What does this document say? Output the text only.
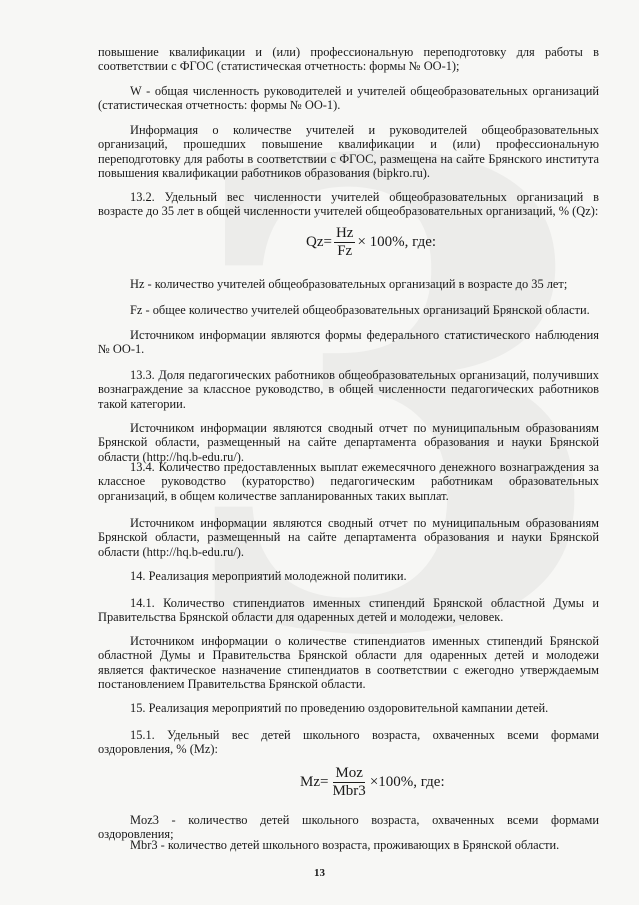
повышение квалификации и (или) профессиональную переподготовку для работы в соответствии с ФГОС (статистическая отчетность: формы № ОО-1);

W - общая численность руководителей и учителей общеобразовательных организаций (статистическая отчетность: формы № ОО-1).

Информация о количестве учителей и руководителей общеобразовательных организаций, прошедших повышение квалификации и (или) профессиональную переподготовку для работы в соответствии с ФГОС, размещена на сайте Брянского института повышения квалификации работников образования (bipkro.ru).

13.2. Удельный вес численности учителей общеобразовательных организаций в возрасте до 35 лет в общей численности учителей общеобразовательных организаций, % (Qz):

$Qz= \frac{Hz}{Fz} \times 100\%$, где:

Hz - количество учителей общеобразовательных организаций в возрасте до 35 лет;

Fz - общее количество учителей общеобразовательных организаций Брянской области.

Источником информации являются формы федерального статистического наблюдения № ОО-1.

13.3. Доля педагогических работников общеобразовательных организаций, получивших вознаграждение за классное руководство, в общей численности педагогических работников такой категории.

Источником информации являются сводный отчет по муниципальным образованиям Брянской области, размещенный на сайте департамента образования и науки Брянской области (http://hq.b-edu.ru/).

13.4. Количество предоставленных выплат ежемесячного денежного вознаграждения за классное руководство (кураторство) педагогическим работникам образовательных организаций, в общем количестве запланированных таких выплат.

Источником информации являются сводный отчет по муниципальным образованиям Брянской области, размещенный на сайте департамента образования и науки Брянской области (http://hq.b-edu.ru/).

14. Реализация мероприятий молодежной политики.

14.1. Количество стипендиатов именных стипендий Брянской областной Думы и Правительства Брянской области для одаренных детей и молодежи, человек.

Источником информации о количестве стипендиатов именных стипендий Брянской областной Думы и Правительства Брянской области для одаренных детей и молодежи является фактическое назначение стипендиатов в соответствии с ежегодно утверждаемым постановлением Правительства Брянской области.

15. Реализация мероприятий по проведению оздоровительной кампании детей.

15.1. Удельный вес детей школьного возраста, охваченных всеми формами оздоровления, % (Mz):

$Mz= \frac{\text{Moz}}{\text{Mbr3}} \times 100\%$, где:

Moz3 - количество детей школьного возраста, охваченных всеми формами оздоровления;

Mbr3 - количество детей школьного возраста, проживающих в Брянской области.

13
